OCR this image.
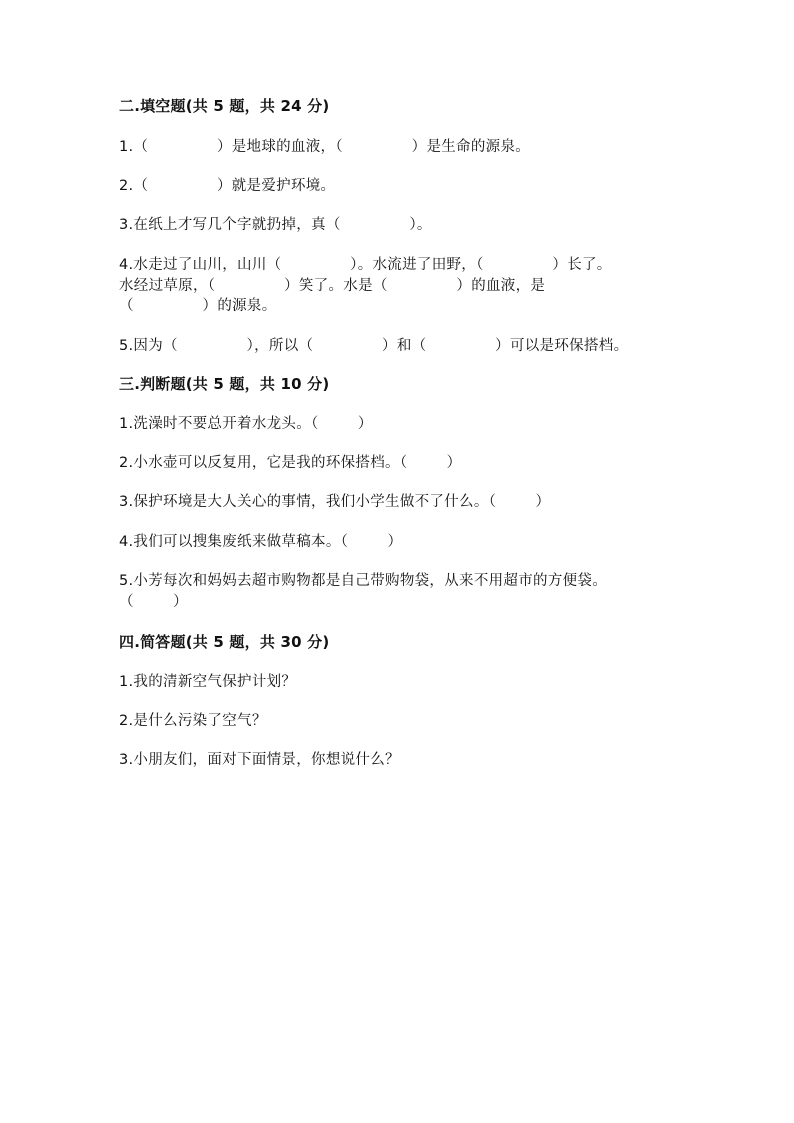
二.填空题(共 5 题，共 24 分)
1.（              ）是地球的血液，（              ）是生命的源泉。
2.（              ）就是爱护环境。
3.在纸上才写几个字就扔掉，真（              ）。
4.水走过了山川，山川（              ）。水流进了田野，（              ）长了。
水经过草原，（              ）笑了。水是（              ）的血液，是
（              ）的源泉。
5.因为（              ），所以（              ）和（              ）可以是环保搭档。
三.判断题(共 5 题，共 10 分)
1.洗澡时不要总开着水龙头。（        ）
2.小水壶可以反复用，它是我的环保搭档。（        ）
3.保护环境是大人关心的事情，我们小学生做不了什么。（        ）
4.我们可以搜集废纸来做草稿本。（        ）
5.小芳每次和妈妈去超市购物都是自己带购物袋，从来不用超市的方便袋。
（        ）
四.简答题(共 5 题，共 30 分)
1.我的清新空气保护计划？
2.是什么污染了空气？
3.小朋友们，面对下面情景，你想说什么？
